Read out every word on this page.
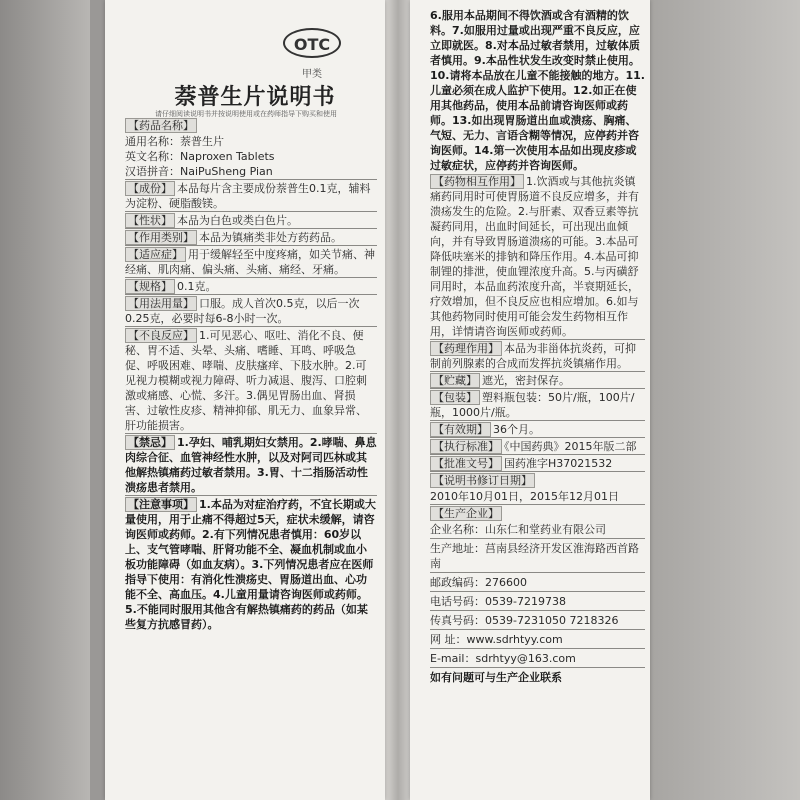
OTC
甲类
萘普生片说明书
请仔细阅读说明书并按说明使用或在药师指导下购买和使用
【药品名称】
通用名称：萘普生片
英文名称：Naproxen Tablets
汉语拼音：NaiPuSheng Pian
【成份】 本品每片含主要成份萘普生0.1克，辅料为淀粉、硬脂酸镁。
【性状】 本品为白色或类白色片。
【作用类别】 本品为镇痛类非处方药药品。
【适应症】 用于缓解轻至中度疼痛，如关节痛、神经痛、肌肉痛、偏头痛、头痛、痛经、牙痛。
【规格】 0.1克。
【用法用量】 口服。成人首次0.5克，以后一次0.25克，必要时每6-8小时一次。
【不良反应】 1.可见恶心、呕吐、消化不良、便秘、胃不适、头晕、头痛、嗜睡、耳鸣、呼吸急促、呼吸困难、哮喘、皮肤瘙痒、下肢水肿。2.可见视力模糊或视力障碍、听力减退、腹泻、口腔刺激或痛感、心慌、多汗。3.偶见胃肠出血、肾损害、过敏性皮疹、精神抑郁、肌无力、血象异常、肝功能损害。
【禁忌】 1.孕妇、哺乳期妇女禁用。2.哮喘、鼻息肉综合征、血管神经性水肿，以及对阿司匹林或其他解热镇痛药过敏者禁用。3.胃、十二指肠活动性溃疡患者禁用。
【注意事项】 1.本品为对症治疗药，不宜长期或大量使用，用于止痛不得超过5天，症状未缓解，请咨询医师或药师。2.有下列情况患者慎用：60岁以上、支气管哮喘、肝肾功能不全、凝血机制或血小板功能障碍（如血友病）。3.下列情况患者应在医师指导下使用：有消化性溃疡史、胃肠道出血、心功能不全、高血压。4.儿童用量请咨询医师或药师。5.不能同时服用其他含有解热镇痛药的药品（如某些复方抗感冒药）。
6.服用本品期间不得饮酒或含有酒精的饮料。7.如服用过量或出现严重不良反应，应立即就医。8.对本品过敏者禁用，过敏体质者慎用。9.本品性状发生改变时禁止使用。10.请将本品放在儿童不能接触的地方。11.儿童必须在成人监护下使用。12.如正在使用其他药品，使用本品前请咨询医师或药师。13.如出现胃肠道出血或溃疡、胸痛、气短、无力、言语含糊等情况，应停药并咨询医师。14.第一次使用本品如出现皮疹或过敏症状，应停药并咨询医师。
【药物相互作用】 1.饮酒或与其他抗炎镇痛药同用时可使胃肠道不良反应增多，并有溃疡发生的危险。2.与肝素、双香豆素等抗凝药同用，出血时间延长，可出现出血倾向，并有导致胃肠道溃疡的可能。3.本品可降低呋塞米的排钠和降压作用。4.本品可抑制锂的排泄，使血锂浓度升高。5.与丙磺舒同用时，本品血药浓度升高，半衰期延长，疗效增加，但不良反应也相应增加。6.如与其他药物同时使用可能会发生药物相互作用，详情请咨询医师或药师。
【药理作用】 本品为非甾体抗炎药，可抑制前列腺素的合成而发挥抗炎镇痛作用。
【贮藏】 遮光，密封保存。
【包装】 塑料瓶包装：50片/瓶，100片/瓶，1000片/瓶。
【有效期】 36个月。
【执行标准】 《中国药典》2015年版二部
【批准文号】 国药准字H37021532
【说明书修订日期】
2010年10月01日，2015年12月01日
【生产企业】
企业名称：山东仁和堂药业有限公司
生产地址：莒南县经济开发区淮海路西首路南
邮政编码：276600
电话号码：0539-7219738
传真号码：0539-7231050 7218326
网 址：www.sdrhtyy.com
E-mail：sdrhtyy@163.com
如有问题可与生产企业联系
